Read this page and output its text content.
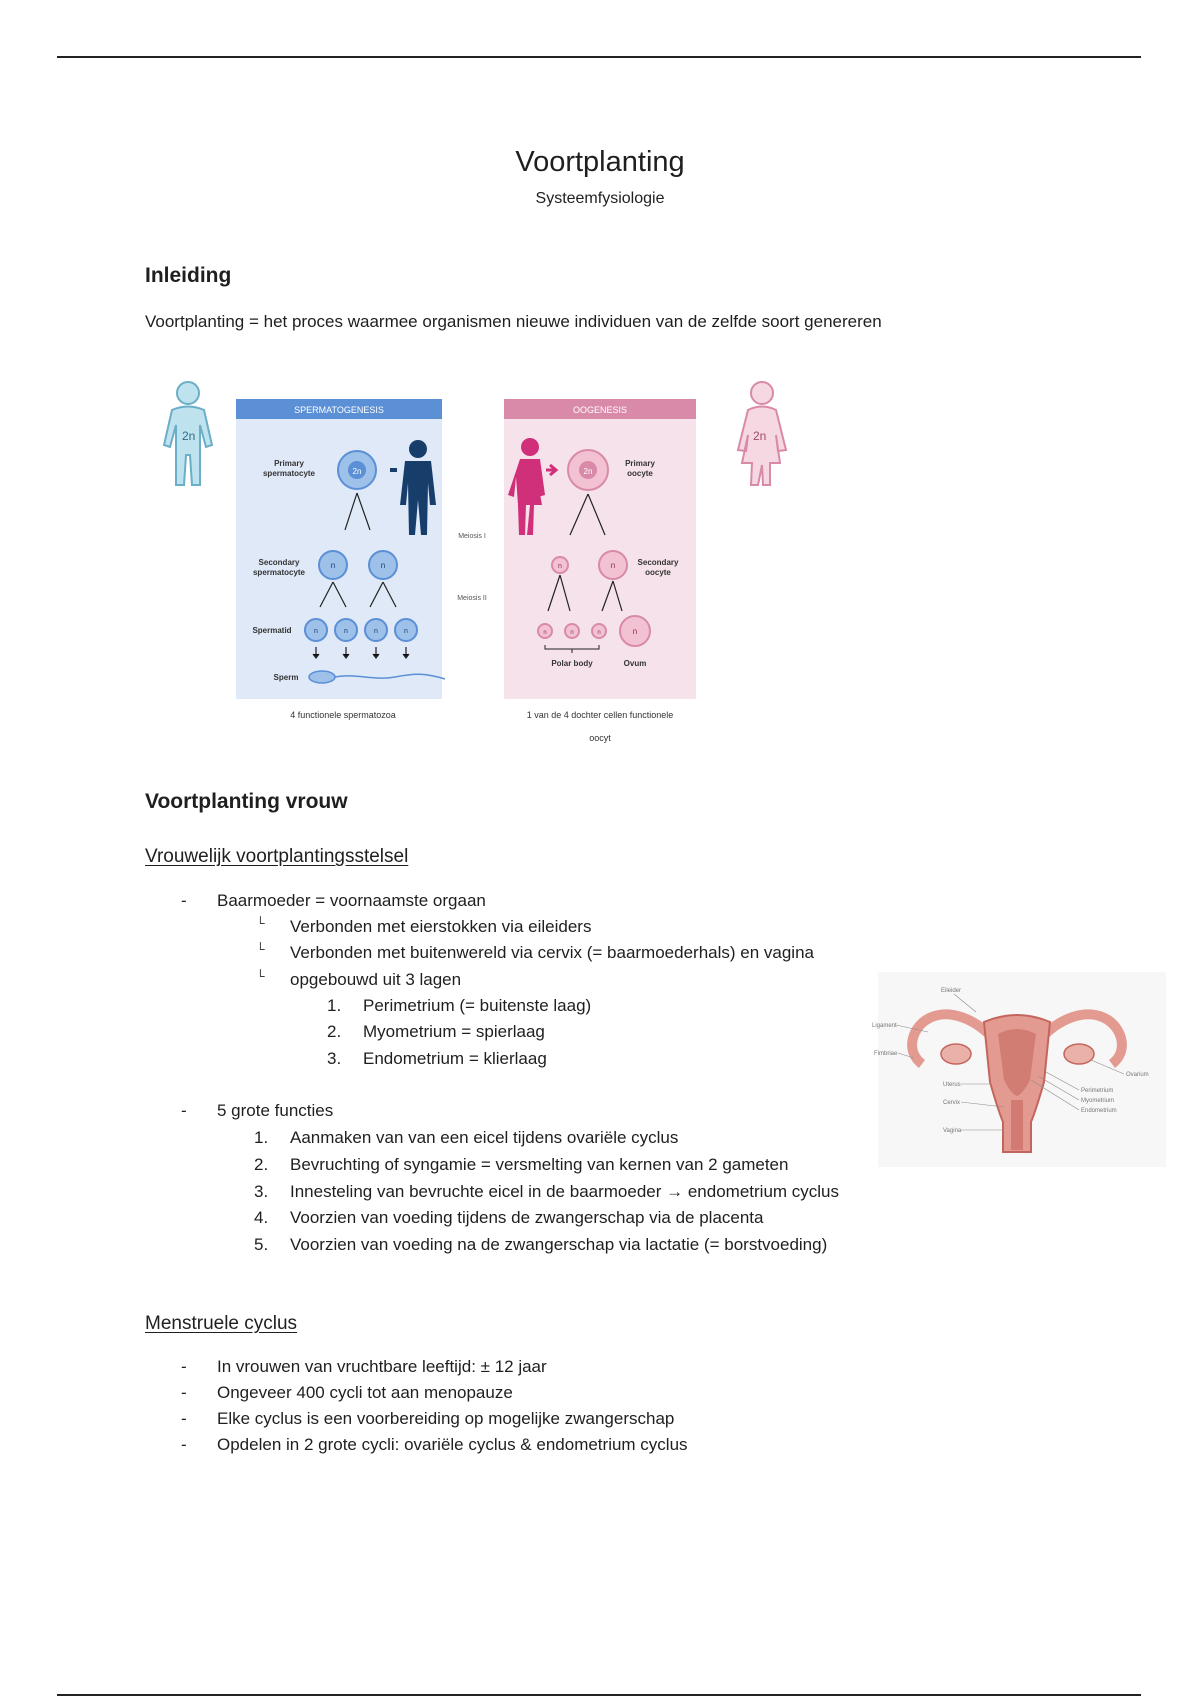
Voortplanting
Systeemfysiologie
Inleiding
Voortplanting = het proces waarmee organismen nieuwe individuen van de zelfde soort genereren
2n	2n
SPERMATOGENESIS	OOGENESIS
2n
Primary
spermatocyte
n	n
Secondary
spermatocyte
n	n	n	n
Spermatid
Sperm
Meiosis I
Meiosis II
2n
Primary
oocyte
n	n	Secondary
oocyte
n	n	n	n
Polar body	Ovum
4 functionele spermatozoa	1 van de 4 dochter cellen functionele
oocyt
Voortplanting vrouw
Vrouwelijk voortplantingsstelsel
- Baarmoeder = voornaamste orgaan
└ Verbonden met eierstokken via eileiders
└ Verbonden met buitenwereld via cervix (= baarmoederhals) en vagina
└ opgebouwd uit 3 lagen
1. Perimetrium (= buitenste laag)
2. Myometrium = spierlaag
3. Endometrium = klierlaag
Eileider
Ligament
Fimbriae
Uterus
Cervix
Vagina
Perimetrium
Myometrium
Endometrium
Ovarium
- 5 grote functies
1. Aanmaken van van een eicel tijdens ovariële cyclus
2. Bevruchting of syngamie = versmelting van kernen van 2 gameten
3. Innesteling van bevruchte eicel in de baarmoeder → endometrium cyclus
4. Voorzien van voeding tijdens de zwangerschap via de placenta
5. Voorzien van voeding na de zwangerschap via lactatie (= borstvoeding)
Menstruele cyclus
- In vrouwen van vruchtbare leeftijd: ± 12 jaar
- Ongeveer 400 cycli tot aan menopauze
- Elke cyclus is een voorbereiding op mogelijke zwangerschap
- Opdelen in 2 grote cycli: ovariële cyclus & endometrium cyclus
